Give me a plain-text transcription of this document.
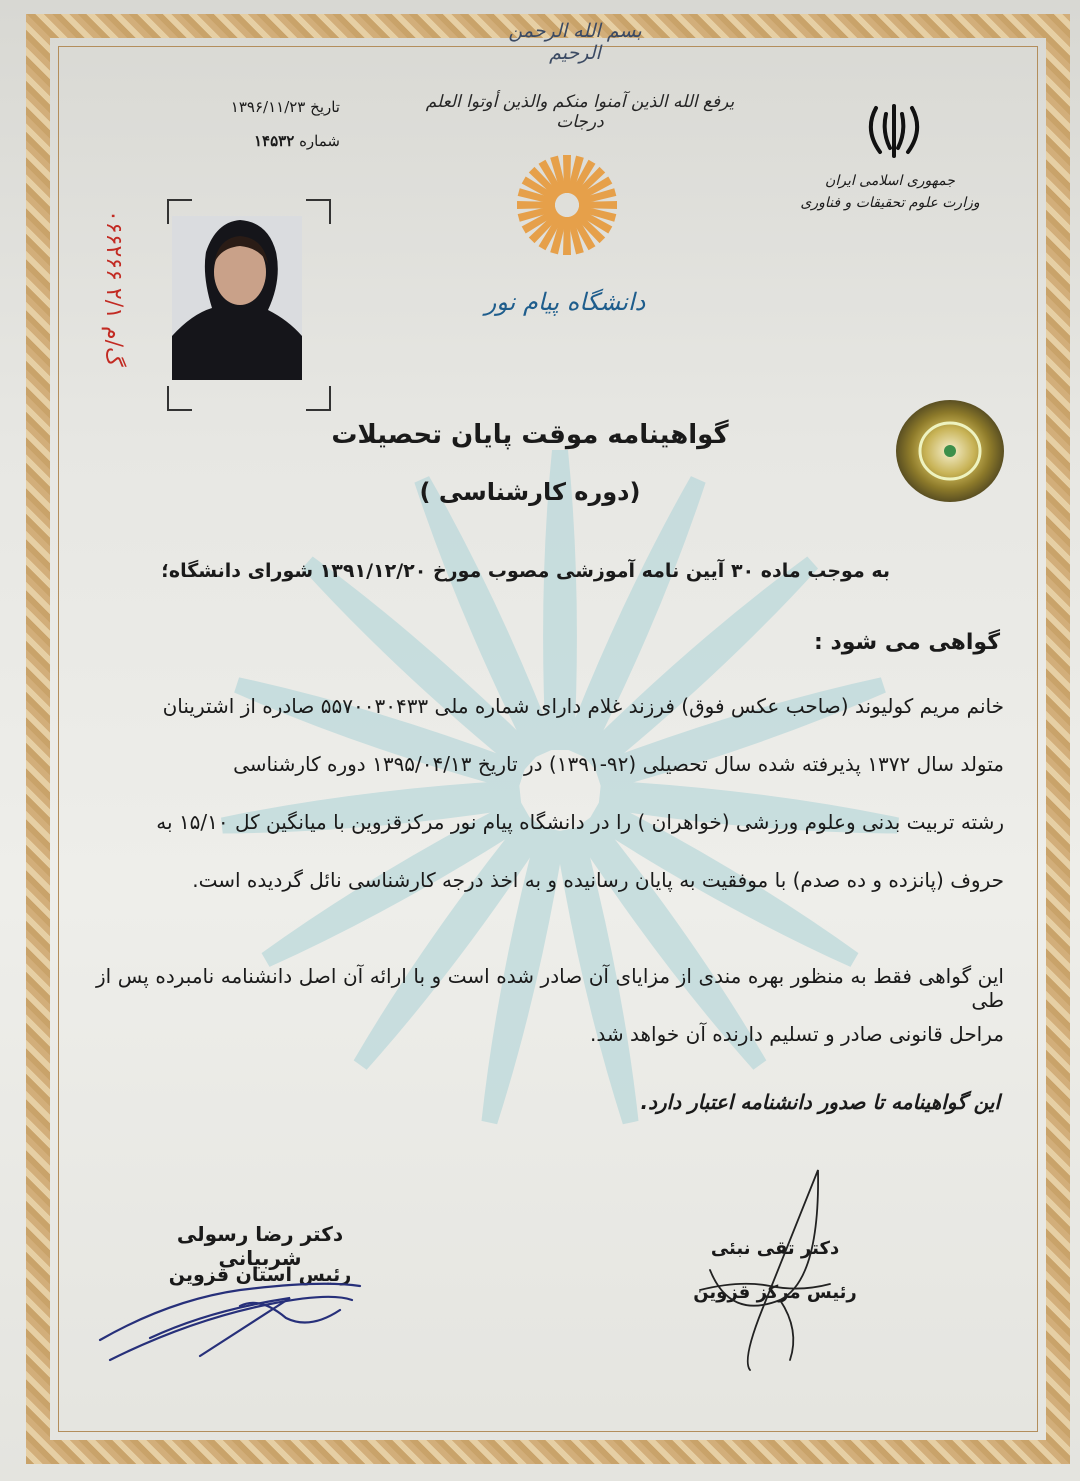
بسم الله الرحمن الرحیم
یرفع الله الذین آمنوا منکم والذین أوتوا العلم درجات
تاریخ ۱۳۹۶/۱۱/۲۳
شماره ۱۴۵۳۲
جمهوری اسلامی ایران
وزارت علوم تحقیقات و فناوری
دانشگاه پیام نور
۰۶۶۲۶۶ گ/م ۲/۱
گواهینامه موقت پایان تحصیلات
(دوره کارشناسی )
به موجب ماده ۳۰ آیین نامه آموزشی مصوب مورخ ۱۳۹۱/۱۲/۲۰ شورای دانشگاه؛
گواهی می شود :
خانم مریم کولیوند (صاحب عکس فوق) فرزند غلام دارای شماره ملی ۵۵۷۰۰۳۰۴۳۳ صادره از اشترینان
متولد سال ۱۳۷۲ پذیرفته شده سال تحصیلی (۹۲-۱۳۹۱) در تاریخ ۱۳۹۵/۰۴/۱۳ دوره کارشناسی
رشته تربیت بدنی وعلوم ورزشی (خواهران ) را در دانشگاه پیام نور مرکزقزوین با میانگین کل ۱۵/۱۰ به
حروف (پانزده و ده صدم) با موفقیت به پایان رسانیده و به اخذ درجه کارشناسی نائل گردیده است.
این گواهی فقط به منظور بهره مندی از مزایای آن صادر شده است و با ارائه آن اصل دانشنامه نامبرده پس از طی
مراحل قانونی صادر و تسلیم دارنده آن خواهد شد.
این گواهینامه تا صدور دانشنامه اعتبار دارد.
دکتر رضا رسولی شربیانی
رئیس استان قزوین
دکتر تقی نبئی
رئیس مرکز قزوین
